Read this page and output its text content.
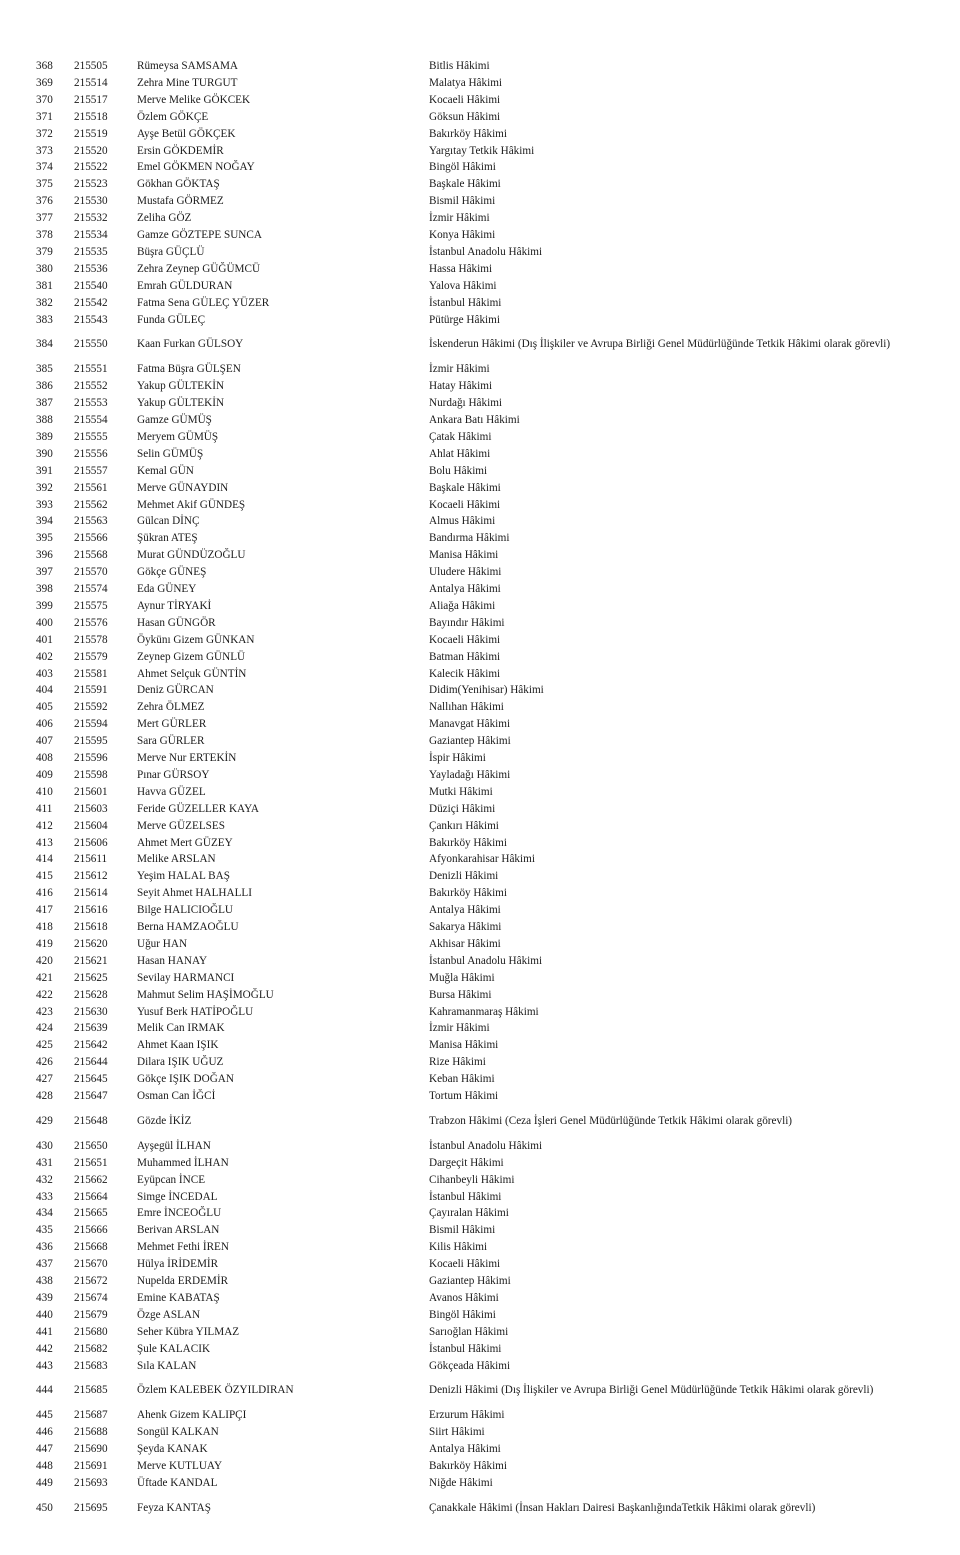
368 215505	Rümeysa SAMSAMA	Bitlis Hâkimi
369 215514	Zehra Mine TURGUT	Malatya Hâkimi
370 215517	Merve Melike GÖKCEK	Kocaeli Hâkimi
371 215518	Özlem GÖKÇE	Göksun Hâkimi
372 215519	Ayşe Betül GÖKÇEK	Bakırköy Hâkimi
373 215520	Ersin GÖKDEMİR	Yargıtay Tetkik Hâkimi
374 215522	Emel GÖKMEN NOĞAY	Bingöl Hâkimi
375 215523	Gökhan GÖKTAŞ	Başkale Hâkimi
376 215530	Mustafa GÖRMEZ	Bismil Hâkimi
377 215532	Zeliha GÖZ	İzmir Hâkimi
378 215534	Gamze GÖZTEPE SUNCA	Konya Hâkimi
379 215535	Büşra GÜÇLÜ	İstanbul Anadolu Hâkimi
380 215536	Zehra Zeynep GÜĞÜMCÜ	Hassa Hâkimi
381 215540	Emrah GÜLDURAN	Yalova Hâkimi
382 215542	Fatma Sena GÜLEÇ YÜZER	İstanbul Hâkimi
383 215543	Funda GÜLEÇ	Pütürge Hâkimi
384 215550	Kaan Furkan GÜLSOY	İskenderun Hâkimi (Dış İlişkiler ve Avrupa Birliği Genel Müdürlüğünde Tetkik Hâkimi olarak görevli)
385 215551	Fatma Büşra GÜLŞEN	İzmir Hâkimi
386 215552	Yakup GÜLTEKİN	Hatay Hâkimi
387 215553	Yakup GÜLTEKİN	Nurdağı Hâkimi
388 215554	Gamze GÜMÜŞ	Ankara Batı Hâkimi
389 215555	Meryem GÜMÜŞ	Çatak Hâkimi
390 215556	Selin GÜMÜŞ	Ahlat Hâkimi
391 215557	Kemal GÜN	Bolu Hâkimi
392 215561	Merve GÜNAYDIN	Başkale Hâkimi
393 215562	Mehmet Akif GÜNDEŞ	Kocaeli Hâkimi
394 215563	Gülcan DİNÇ	Almus Hâkimi
395 215566	Şükran ATEŞ	Bandırma Hâkimi
396 215568	Murat GÜNDÜZOĞLU	Manisa Hâkimi
397 215570	Gökçe GÜNEŞ	Uludere Hâkimi
398 215574	Eda GÜNEY	Antalya Hâkimi
399 215575	Aynur TİRYAKİ	Aliağa Hâkimi
400 215576	Hasan GÜNGÖR	Bayındır Hâkimi
401 215578	Öykünı Gizem GÜNKAN	Kocaeli Hâkimi
402 215579	Zeynep Gizem GÜNLÜ	Batman Hâkimi
403 215581	Ahmet Selçuk GÜNTİN	Kalecik Hâkimi
404 215591	Deniz GÜRCAN	Didim(Yenihisar) Hâkimi
405 215592	Zehra ÖLMEZ	Nallıhan Hâkimi
406 215594	Mert GÜRLER	Manavgat Hâkimi
407 215595	Sara GÜRLER	Gaziantep Hâkimi
408 215596	Merve Nur ERTEKİN	İspir Hâkimi
409 215598	Pınar GÜRSOY	Yayladağı Hâkimi
410 215601	Havva GÜZEL	Mutki Hâkimi
411 215603	Feride GÜZELLER KAYA	Düziçi Hâkimi
412 215604	Merve GÜZELSES	Çankırı Hâkimi
413 215606	Ahmet Mert GÜZEY	Bakırköy Hâkimi
414 215611	Melike ARSLAN	Afyonkarahisar Hâkimi
415 215612	Yeşim HALAL BAŞ	Denizli Hâkimi
416 215614	Seyit Ahmet HALHALLI	Bakırköy Hâkimi
417 215616	Bilge HALICIOĞLU	Antalya Hâkimi
418 215618	Berna HAMZAOĞLU	Sakarya Hâkimi
419 215620	Uğur HAN	Akhisar Hâkimi
420 215621	Hasan HANAY	İstanbul Anadolu Hâkimi
421 215625	Sevilay HARMANCI	Muğla Hâkimi
422 215628	Mahmut Selim HAŞİMOĞLU	Bursa Hâkimi
423 215630	Yusuf Berk HATİPOĞLU	Kahramanmaraş Hâkimi
424 215639	Melik Can IRMAK	İzmir Hâkimi
425 215642	Ahmet Kaan IŞIK	Manisa Hâkimi
426 215644	Dilara IŞIK UĞUZ	Rize Hâkimi
427 215645	Gökçe IŞIK DOĞAN	Keban Hâkimi
428 215647	Osman Can İĞCİ	Tortum Hâkimi
429 215648	Gözde İKİZ	Trabzon Hâkimi (Ceza İşleri Genel Müdürlüğünde Tetkik Hâkimi olarak görevli)
430 215650	Ayşegül İLHAN	İstanbul Anadolu Hâkimi
431 215651	Muhammed İLHAN	Dargeçit Hâkimi
432 215662	Eyüpcan İNCE	Cihanbeyli Hâkimi
433 215664	Simge İNCEDAL	İstanbul Hâkimi
434 215665	Emre İNCEOĞLU	Çayıralan Hâkimi
435 215666	Berivan ARSLAN	Bismil Hâkimi
436 215668	Mehmet Fethi İREN	Kilis Hâkimi
437 215670	Hülya İRİDEMİR	Kocaeli Hâkimi
438 215672	Nupelda ERDEMİR	Gaziantep Hâkimi
439 215674	Emine KABATAŞ	Avanos Hâkimi
440 215679	Özge ASLAN	Bingöl Hâkimi
441 215680	Seher Kübra YILMAZ	Sarıoğlan Hâkimi
442 215682	Şule KALACIK	İstanbul Hâkimi
443 215683	Sıla KALAN	Gökçeada Hâkimi
444 215685	Özlem KALEBEK ÖZYILDIRAN	Denizli Hâkimi (Dış İlişkiler ve Avrupa Birliği Genel Müdürlüğünde Tetkik Hâkimi olarak görevli)
445 215687	Ahenk Gizem KALIPÇI	Erzurum Hâkimi
446 215688	Songül KALKAN	Siirt Hâkimi
447 215690	Şeyda KANAK	Antalya Hâkimi
448 215691	Merve KUTLUAY	Bakırköy Hâkimi
449 215693	Üftade KANDAL	Niğde Hâkimi
450 215695	Feyza KANTAŞ	Çanakkale Hâkimi (İnsan Hakları Dairesi BaşkanlığındaTetkik Hâkimi olarak görevli)
